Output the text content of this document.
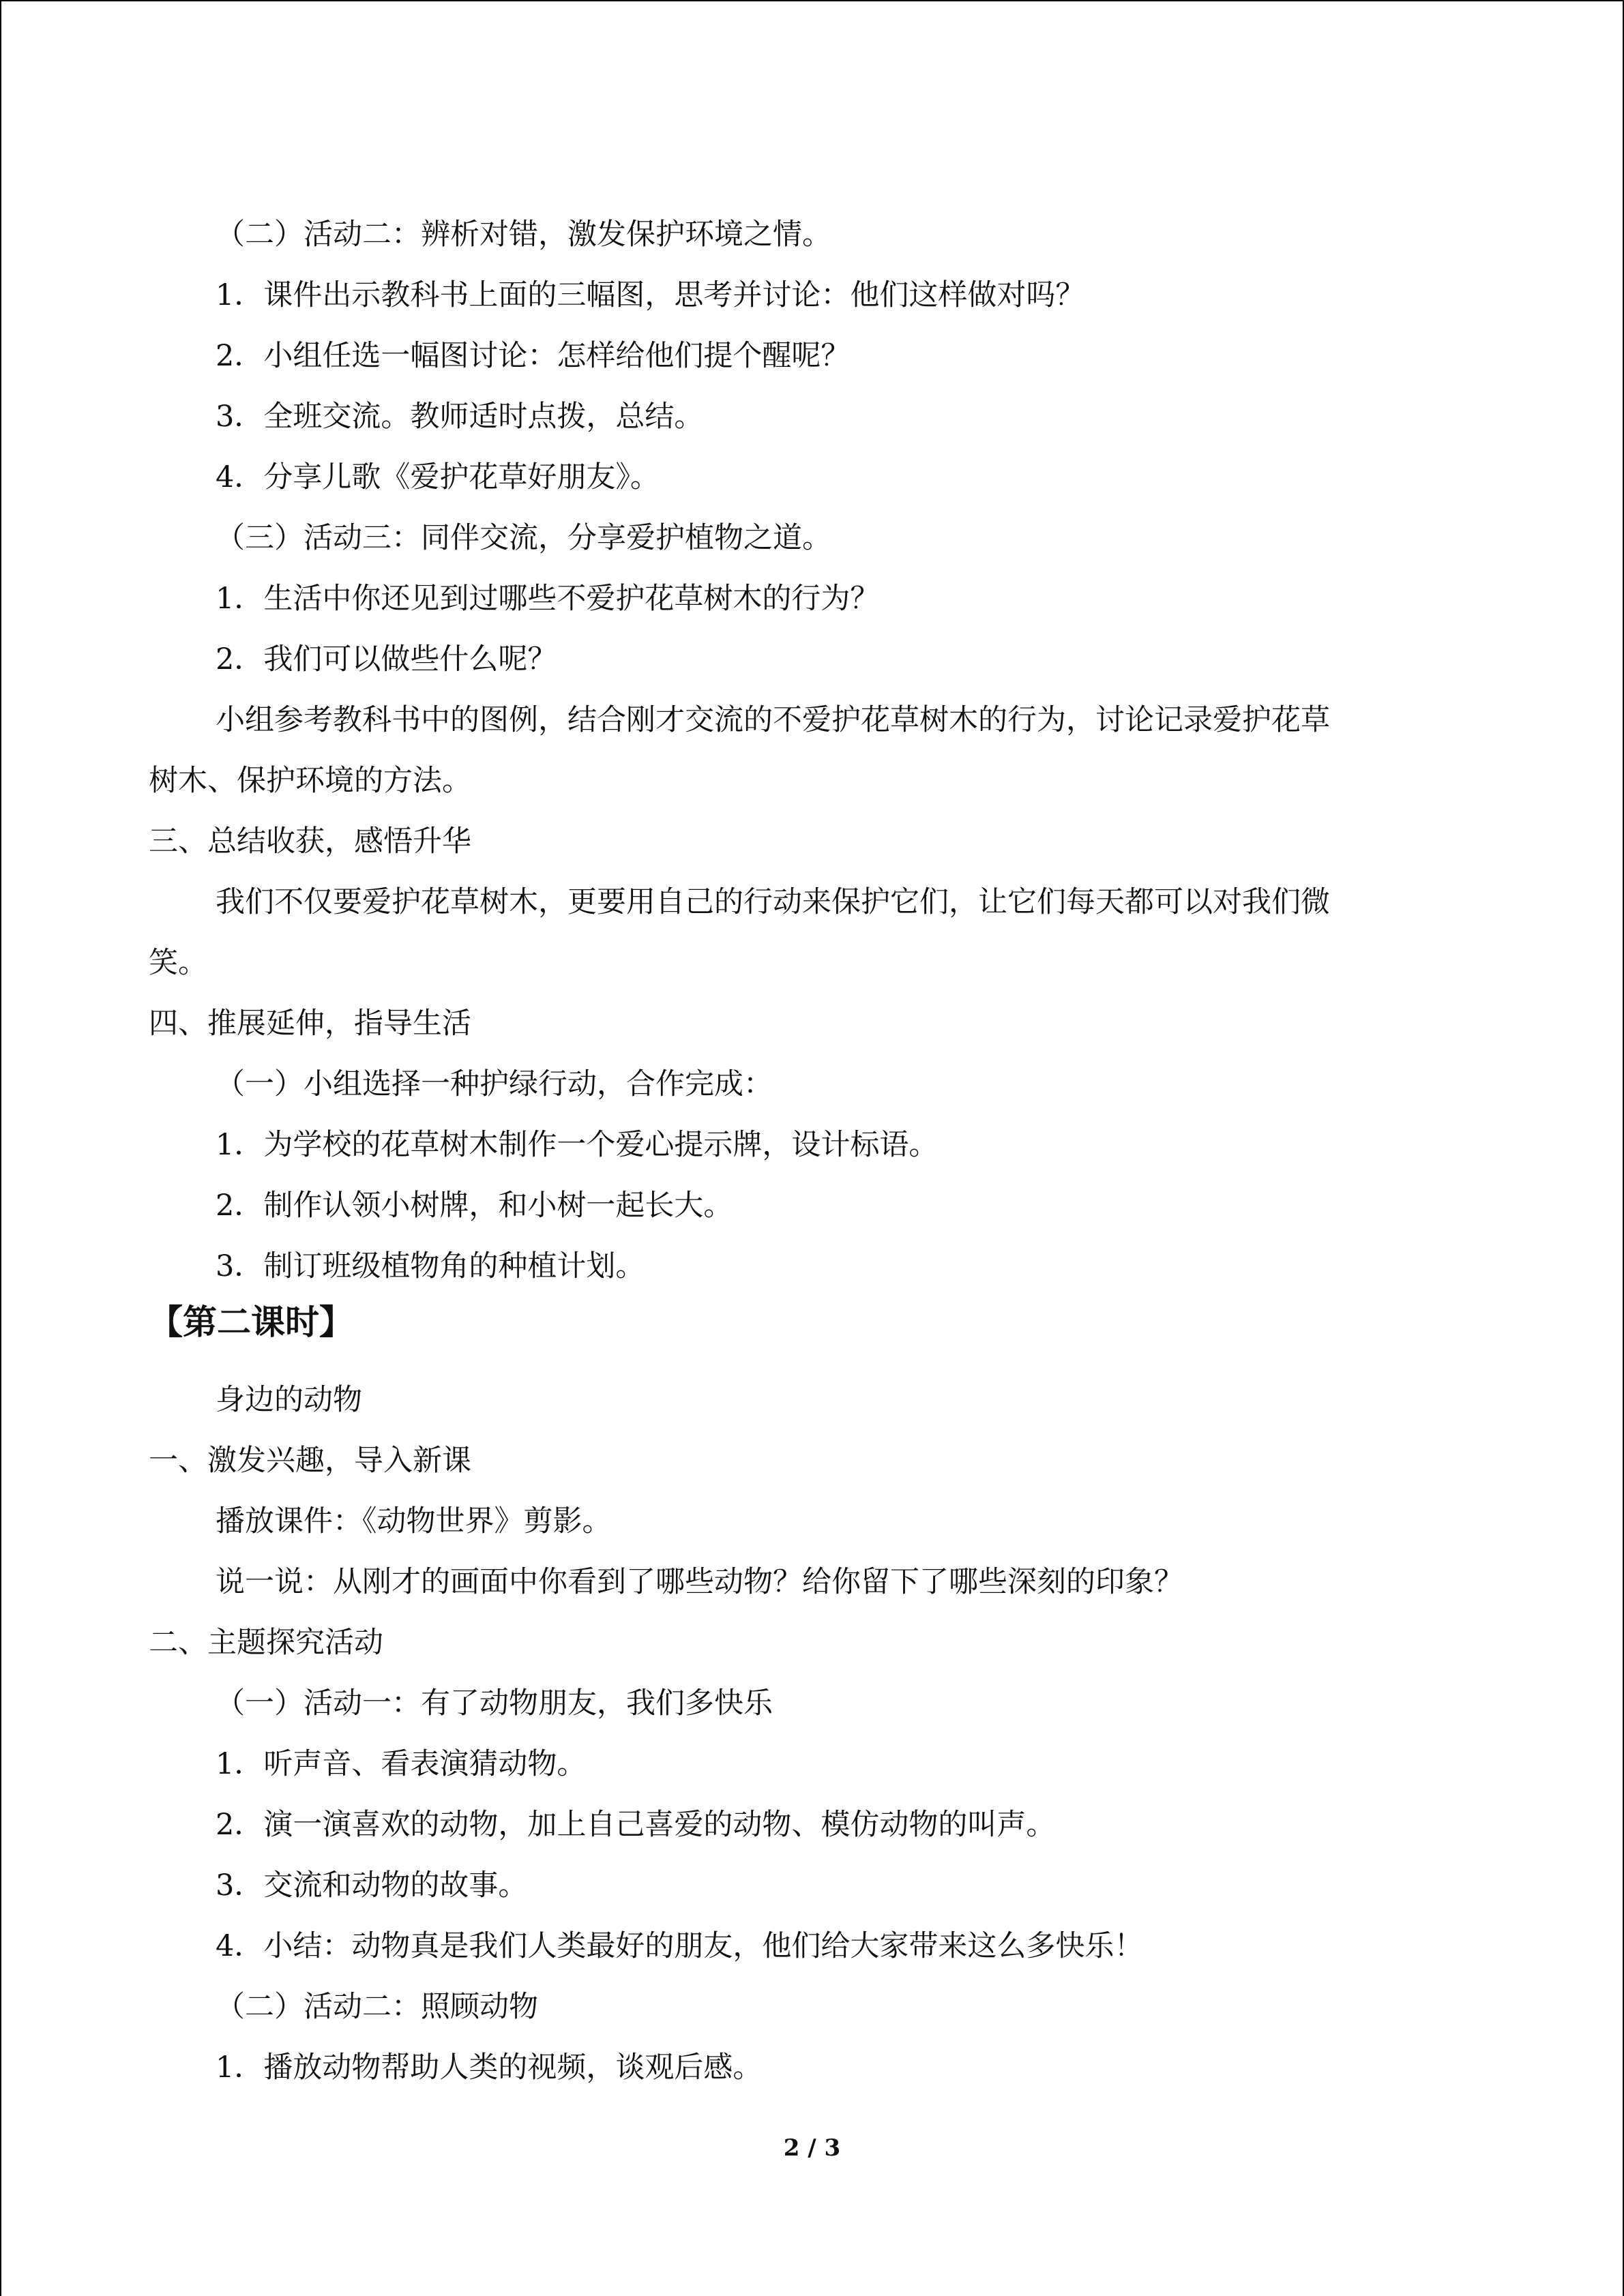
（二）活动二：辨析对错，激发保护环境之情。
1．课件出示教科书上面的三幅图，思考并讨论：他们这样做对吗？
2．小组任选一幅图讨论：怎样给他们提个醒呢？
3．全班交流。教师适时点拨，总结。
4．分享儿歌《爱护花草好朋友》。
（三）活动三：同伴交流，分享爱护植物之道。
1．生活中你还见到过哪些不爱护花草树木的行为？
2．我们可以做些什么呢？
小组参考教科书中的图例，结合刚才交流的不爱护花草树木的行为，讨论记录爱护花草
树木、保护环境的方法。
三、总结收获，感悟升华
我们不仅要爱护花草树木，更要用自己的行动来保护它们，让它们每天都可以对我们微
笑。
四、推展延伸，指导生活
（一）小组选择一种护绿行动，合作完成：
1．为学校的花草树木制作一个爱心提示牌，设计标语。
2．制作认领小树牌，和小树一起长大。
3．制订班级植物角的种植计划。
【第二课时】
身边的动物
一、激发兴趣，导入新课
播放课件：《动物世界》剪影。
说一说：从刚才的画面中你看到了哪些动物？给你留下了哪些深刻的印象？
二、主题探究活动
（一）活动一：有了动物朋友，我们多快乐
1．听声音、看表演猜动物。
2．演一演喜欢的动物，加上自己喜爱的动物、模仿动物的叫声。
3．交流和动物的故事。
4．小结：动物真是我们人类最好的朋友，他们给大家带来这么多快乐！
（二）活动二：照顾动物
1．播放动物帮助人类的视频，谈观后感。
2 / 3
